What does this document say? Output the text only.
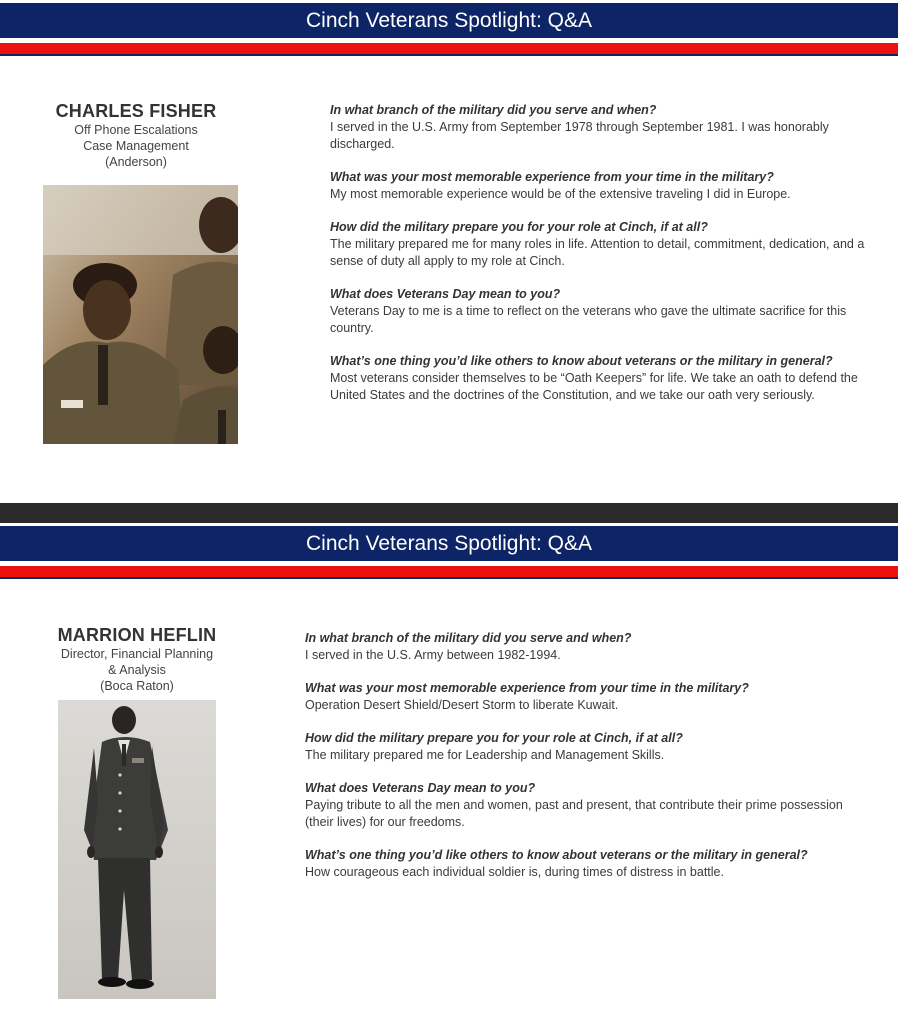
Cinch Veterans Spotlight: Q&A
CHARLES FISHER
Off Phone Escalations
Case Management
(Anderson)
In what branch of the military did you serve and when?
I served in the U.S. Army from September 1978 through September 1981. I was honorably discharged.
What was your most memorable experience from your time in the military?
My most memorable experience would be of the extensive traveling I did in Europe.
How did the military prepare you for your role at Cinch, if at all?
The military prepared me for many roles in life. Attention to detail, commitment, dedication, and a sense of duty all apply to my role at Cinch.
What does Veterans Day mean to you?
Veterans Day to me is a time to reflect on the veterans who gave the ultimate sacrifice for this country.
What’s one thing you’d like others to know about veterans or the military in general?
Most veterans consider themselves to be “Oath Keepers” for life. We take an oath to defend the United States and the doctrines of the Constitution, and we take our oath very seriously.
Cinch Veterans Spotlight: Q&A
MARRION HEFLIN
Director, Financial Planning
& Analysis
(Boca Raton)
In what branch of the military did you serve and when?
I served in the U.S. Army between 1982-1994.
What was your most memorable experience from your time in the military?
Operation Desert Shield/Desert Storm to liberate Kuwait.
How did the military prepare you for your role at Cinch, if at all?
The military prepared me for Leadership and Management Skills.
What does Veterans Day mean to you?
Paying tribute to all the men and women, past and present, that contribute their prime possession (their lives) for our freedoms.
What’s one thing you’d like others to know about veterans or the military in general?
How courageous each individual soldier is, during times of distress in battle.
